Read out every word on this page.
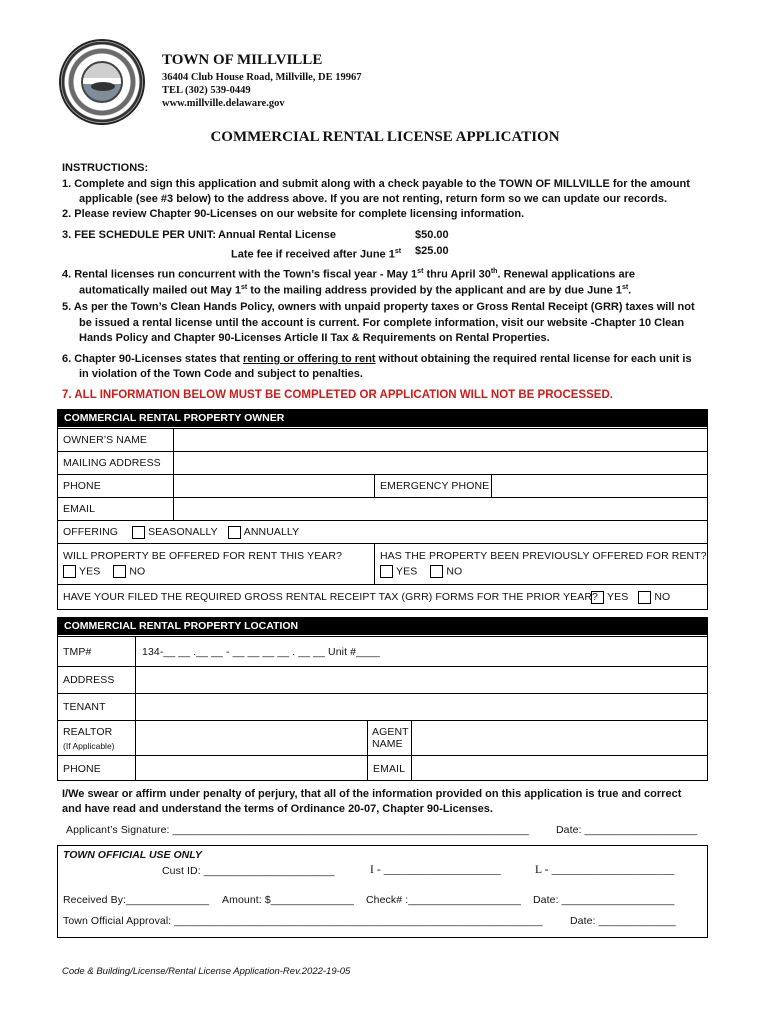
TOWN OF MILLVILLE
36404 Club House Road, Millville, DE 19967
TEL (302) 539-0449
www.millville.delaware.gov
COMMERCIAL RENTAL LICENSE APPLICATION
INSTRUCTIONS:
1. Complete and sign this application and submit along with a check payable to the TOWN OF MILLVILLE for the amount
applicable (see #3 below) to the address above. If you are not renting, return form so we can update our records.
2. Please review Chapter 90-Licenses on our website for complete licensing information.
3. FEE SCHEDULE PER UNIT: Annual Rental License	$50.00
Late fee if received after June 1st $25.00
4. Rental licenses run concurrent with the Town’s fiscal year - May 1st thru April 30th. Renewal applications are
automatically mailed out May 1st to the mailing address provided by the applicant and are by due June 1st.
5. As per the Town’s Clean Hands Policy, owners with unpaid property taxes or Gross Rental Receipt (GRR) taxes will not
be issued a rental license until the account is current. For complete information, visit our website -Chapter 10 Clean
Hands Policy and Chapter 90-Licenses Article II Tax & Requirements on Rental Properties.
6. Chapter 90-Licenses states that renting or offering to rent without obtaining the required rental license for each unit is
in violation of the Town Code and subject to penalties.
7. ALL INFORMATION BELOW MUST BE COMPLETED OR APPLICATION WILL NOT BE PROCESSED.
COMMERCIAL RENTAL PROPERTY OWNER
OWNER’S NAME
MAILING ADDRESS
PHONE	EMERGENCY PHONE
EMAIL
OFFERING	SEASONALLY ANNUALLY
WILL PROPERTY BE OFFERED FOR RENT THIS YEAR?
YES	NO
HAS THE PROPERTY BEEN PREVIOUSLY OFFERED FOR RENT?
YES	NO
HAVE YOUR FILED THE REQUIRED GROSS RENTAL RECEIPT TAX (GRR) FORMS FOR THE PRIOR YEAR? YES NO
COMMERCIAL RENTAL PROPERTY LOCATION
TMP#	134-__ __ .__ __ - __ __ __ __ . __ __ Unit #____
ADDRESS
TENANT
REALTOR
(If Applicable)
AGENT
NAME
PHONE	EMAIL
I/We swear or affirm under penalty of perjury, that all of the information provided on this application is true and correct
and have read and understand the terms of Ordinance 20-07, Chapter 90-Licenses.
Applicant’s Signature: ____________________________________________________________	Date: ___________________
TOWN OFFICIAL USE ONLY
Cust ID: ______________________	I - ____________________	L - _____________________
Received By:______________ Amount: $______________ Check# :___________________ Date: ___________________
Town Official Approval: ______________________________________________________________	Date: _____________
Code & Building/License/Rental License Application-Rev.2022-19-05
